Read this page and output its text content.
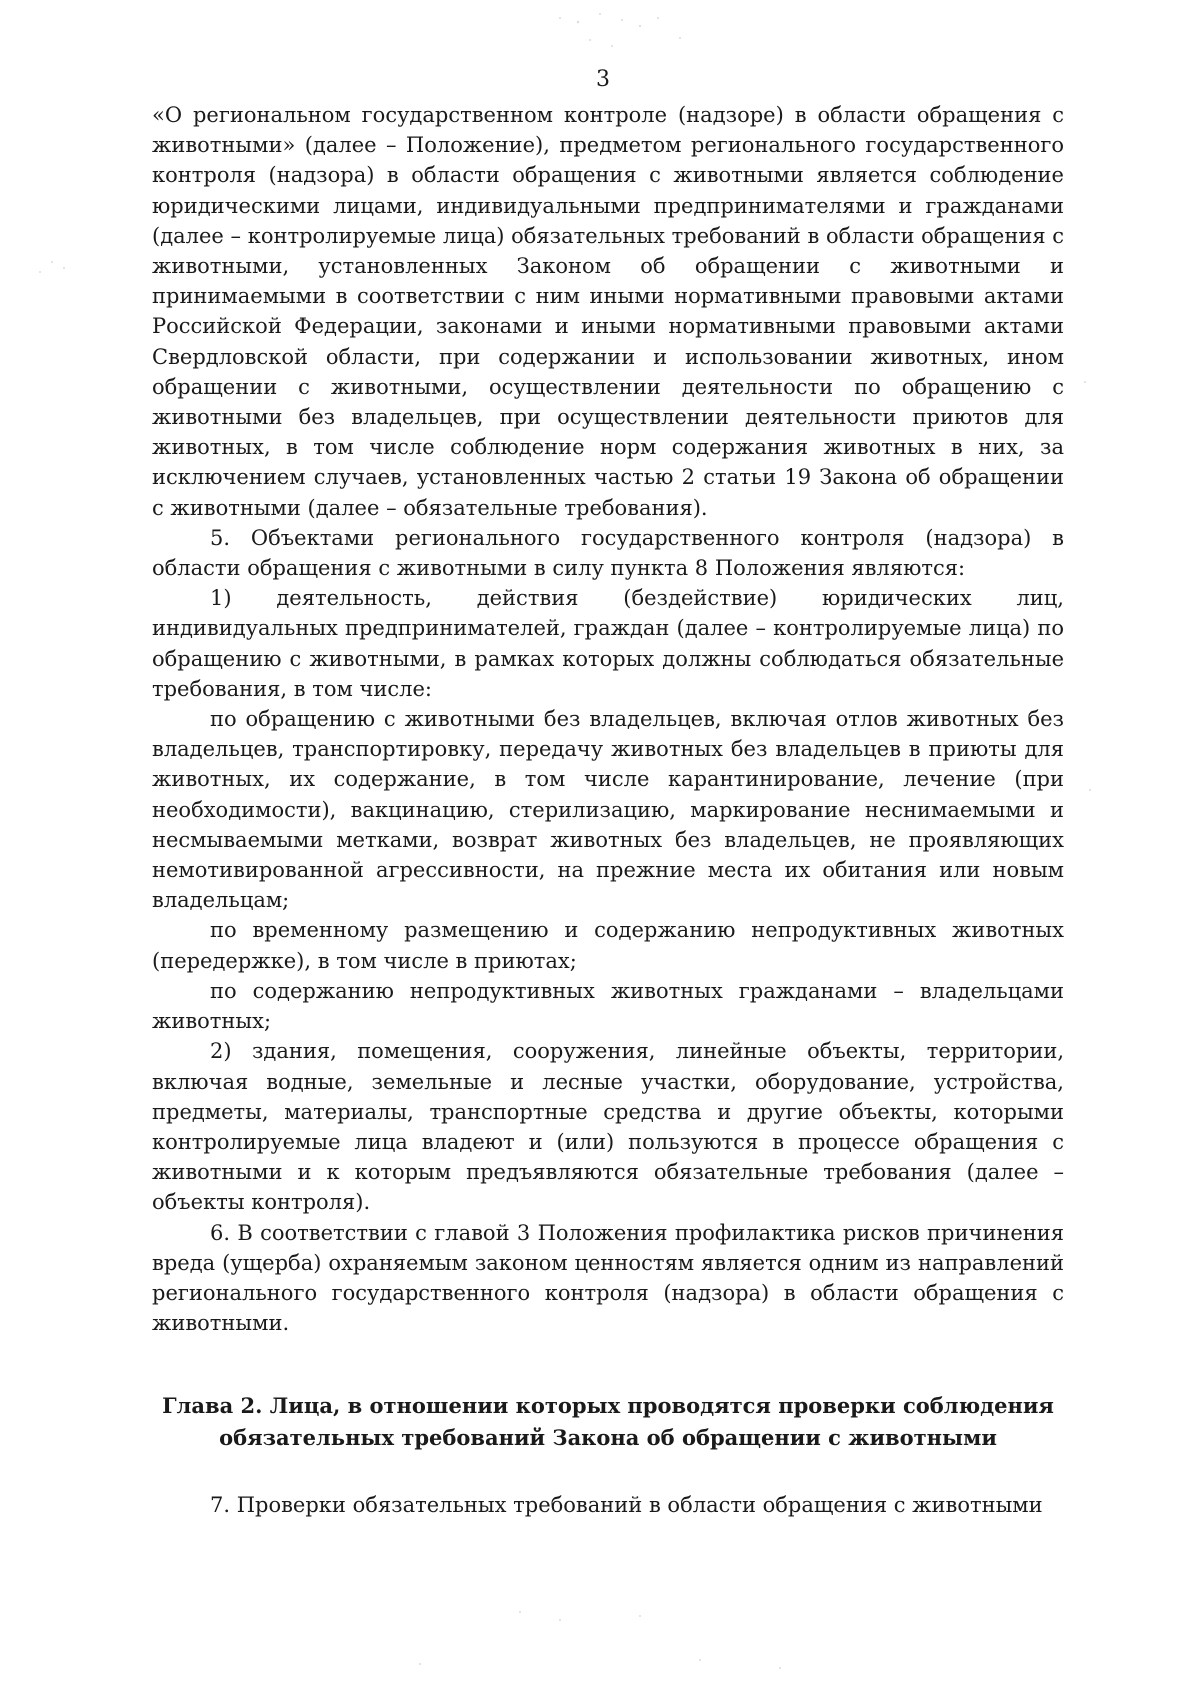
3

«О региональном государственном контроле (надзоре) в области обращения с животными» (далее – Положение), предметом регионального государственного контроля (надзора) в области обращения с животными является соблюдение юридическими лицами, индивидуальными предпринимателями и гражданами (далее – контролируемые лица) обязательных требований в области обращения с животными, установленных Законом об обращении с животными и принимаемыми в соответствии с ним иными нормативными правовыми актами Российской Федерации, законами и иными нормативными правовыми актами Свердловской области, при содержании и использовании животных, ином обращении с животными, осуществлении деятельности по обращению с животными без владельцев, при осуществлении деятельности приютов для животных, в том числе соблюдение норм содержания животных в них, за исключением случаев, установленных частью 2 статьи 19 Закона об обращении с животными (далее – обязательные требования).

5. Объектами регионального государственного контроля (надзора) в области обращения с животными в силу пункта 8 Положения являются:

1) деятельность, действия (бездействие) юридических лиц, индивидуальных предпринимателей, граждан (далее – контролируемые лица) по обращению с животными, в рамках которых должны соблюдаться обязательные требования, в том числе:

по обращению с животными без владельцев, включая отлов животных без владельцев, транспортировку, передачу животных без владельцев в приюты для животных, их содержание, в том числе карантинирование, лечение (при необходимости), вакцинацию, стерилизацию, маркирование неснимаемыми и несмываемыми метками, возврат животных без владельцев, не проявляющих немотивированной агрессивности, на прежние места их обитания или новым владельцам;

по временному размещению и содержанию непродуктивных животных (передержке), в том числе в приютах;

по содержанию непродуктивных животных гражданами – владельцами животных;

2) здания, помещения, сооружения, линейные объекты, территории, включая водные, земельные и лесные участки, оборудование, устройства, предметы, материалы, транспортные средства и другие объекты, которыми контролируемые лица владеют и (или) пользуются в процессе обращения с животными и к которым предъявляются обязательные требования (далее – объекты контроля).

6. В соответствии с главой 3 Положения профилактика рисков причинения вреда (ущерба) охраняемым законом ценностям является одним из направлений регионального государственного контроля (надзора) в области обращения с животными.

Глава 2. Лица, в отношении которых проводятся проверки соблюдения
обязательных требований Закона об обращении с животными

7. Проверки обязательных требований в области обращения с животными
